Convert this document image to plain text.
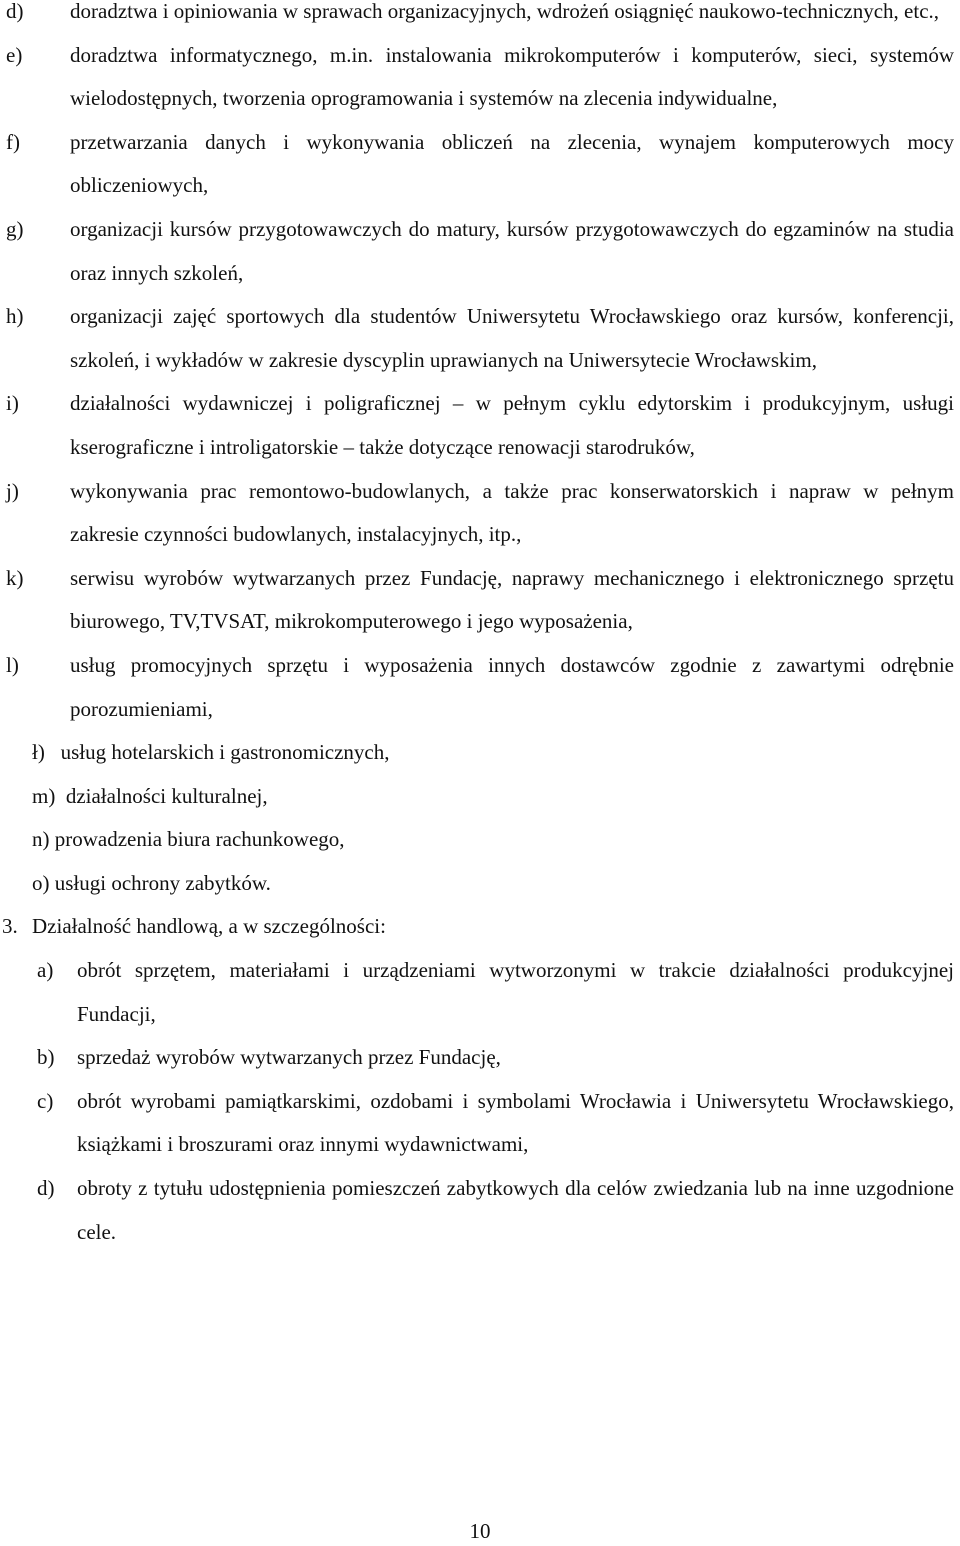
d) doradztwa i opiniowania w sprawach organizacyjnych, wdrożeń osiągnięć naukowo-technicznych, etc.,
e) doradztwa informatycznego, m.in. instalowania mikrokomputerów i komputerów, sieci, systemów wielodostępnych, tworzenia oprogramowania i systemów na zlecenia indywidualne,
f) przetwarzania danych i wykonywania obliczeń na zlecenia, wynajem komputerowych mocy obliczeniowych,
g) organizacji kursów przygotowawczych do matury, kursów przygotowawczych do egzaminów na studia oraz innych szkoleń,
h) organizacji zajęć sportowych dla studentów Uniwersytetu Wrocławskiego oraz kursów, konferencji, szkoleń, i wykładów w zakresie dyscyplin uprawianych na Uniwersytecie Wrocławskim,
i) działalności wydawniczej i poligraficznej – w pełnym cyklu edytorskim i produkcyjnym, usługi kserograficzne i introligatorskie – także dotyczące renowacji starodruków,
j) wykonywania prac remontowo-budowlanych, a także prac konserwatorskich i napraw w pełnym zakresie czynności budowlanych, instalacyjnych, itp.,
k) serwisu wyrobów wytwarzanych przez Fundację, naprawy mechanicznego i elektronicznego sprzętu biurowego, TV,TVSAT, mikrokomputerowego i jego wyposażenia,
l) usług promocyjnych sprzętu i wyposażenia innych dostawców zgodnie z zawartymi odrębnie porozumieniami,
ł) usług hotelarskich i gastronomicznych,
m) działalności kulturalnej,
n) prowadzenia biura rachunkowego,
o) usługi ochrony zabytków.
3. Działalność handlową, a w szczególności:
a) obrót sprzętem, materiałami i urządzeniami wytworzonymi w trakcie działalności produkcyjnej Fundacji,
b) sprzedaż wyrobów wytwarzanych przez Fundację,
c) obrót wyrobami pamiątkarskimi, ozdobami i symbolami Wrocławia i Uniwersytetu Wrocławskiego, książkami i broszurami oraz innymi wydawnictwami,
d) obroty z tytułu udostępnienia pomieszczeń zabytkowych dla celów zwiedzania lub na inne uzgodnione cele.
10
